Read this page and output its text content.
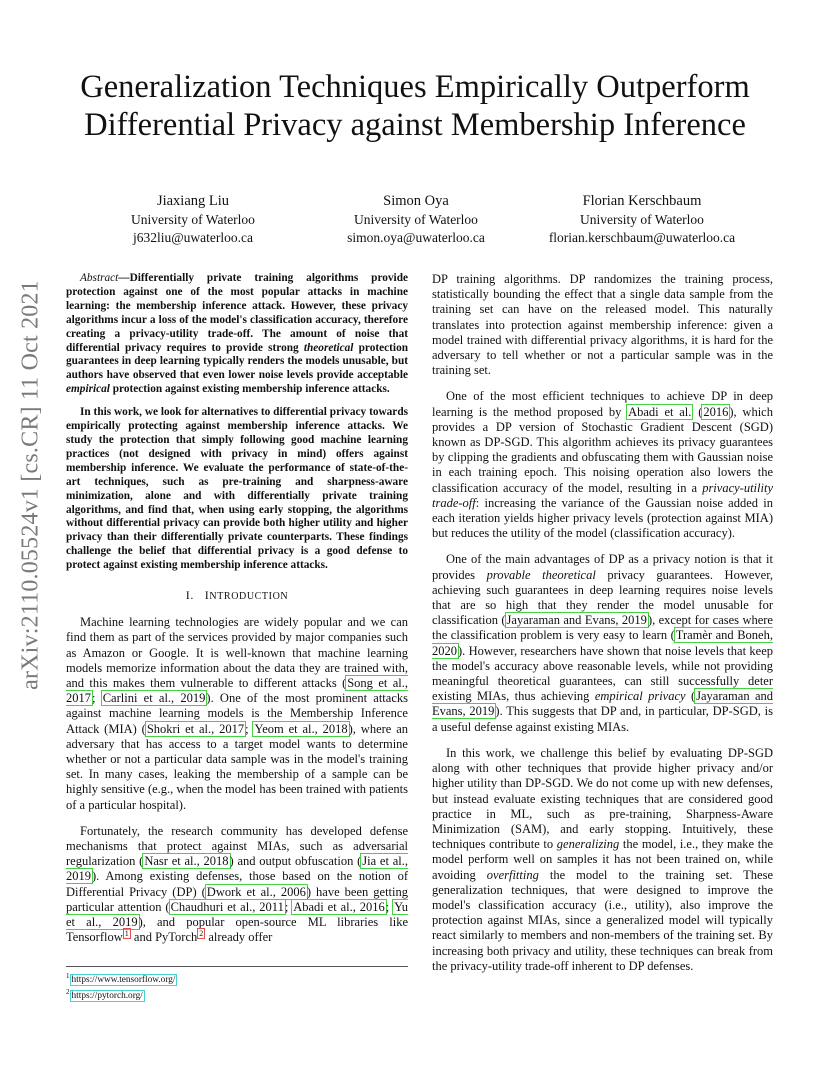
arXiv:2110.05524v1 [cs.CR] 11 Oct 2021
Generalization Techniques Empirically Outperform
Differential Privacy against Membership Inference
Jiaxiang Liu
University of Waterloo
j632liu@uwaterloo.ca
Simon Oya
University of Waterloo
simon.oya@uwaterloo.ca
Florian Kerschbaum
University of Waterloo
florian.kerschbaum@uwaterloo.ca

Abstract—Differentially private training algorithms provide protection against one of the most popular attacks in machine learning: the membership inference attack. However, these privacy algorithms incur a loss of the model's classification accuracy, therefore creating a privacy-utility trade-off. The amount of noise that differential privacy requires to provide strong theoretical protection guarantees in deep learning typically renders the models unusable, but authors have observed that even lower noise levels provide acceptable empirical protection against existing membership inference attacks.

In this work, we look for alternatives to differential privacy towards empirically protecting against membership inference attacks. We study the protection that simply following good machine learning practices (not designed with privacy in mind) offers against membership inference. We evaluate the performance of state-of-the-art techniques, such as pre-training and sharpness-aware minimization, alone and with differentially private training algorithms, and find that, when using early stopping, the algorithms without differential privacy can provide both higher utility and higher privacy than their differentially private counterparts. These findings challenge the belief that differential privacy is a good defense to protect against existing membership inference attacks.

I. INTRODUCTION

Machine learning technologies are widely popular and we can find them as part of the services provided by major companies such as Amazon or Google. It is well-known that machine learning models memorize information about the data they are trained with, and this makes them vulnerable to different attacks (Song et al., 2017; Carlini et al., 2019). One of the most prominent attacks against machine learning models is the Membership Inference Attack (MIA) (Shokri et al., 2017; Yeom et al., 2018), where an adversary that has access to a target model wants to determine whether or not a particular data sample was in the model's training set. In many cases, leaking the membership of a sample can be highly sensitive (e.g., when the model has been trained with patients of a particular hospital).

Fortunately, the research community has developed defense mechanisms that protect against MIAs, such as adversarial regularization (Nasr et al., 2018) and output obfuscation (Jia et al., 2019). Among existing defenses, those based on the notion of Differential Privacy (DP) (Dwork et al., 2006) have been getting particular attention (Chaudhuri et al., 2011; Abadi et al., 2016; Yu et al., 2019), and popular open-source ML libraries like Tensorflow $^1$ and PyTorch $^2$ already offer

$^1$ https://www.tensorflow.org/
$^2$ https://pytorch.org/

DP training algorithms. DP randomizes the training process, statistically bounding the effect that a single data sample from the training set can have on the released model. This naturally translates into protection against membership inference: given a model trained with differential privacy algorithms, it is hard for the adversary to tell whether or not a particular sample was in the training set.

One of the most efficient techniques to achieve DP in deep learning is the method proposed by Abadi et al. (2016), which provides a DP version of Stochastic Gradient Descent (SGD) known as DP-SGD. This algorithm achieves its privacy guarantees by clipping the gradients and obfuscating them with Gaussian noise in each training epoch. This noising operation also lowers the classification accuracy of the model, resulting in a privacy-utility trade-off: increasing the variance of the Gaussian noise added in each iteration yields higher privacy levels (protection against MIA) but reduces the utility of the model (classification accuracy).

One of the main advantages of DP as a privacy notion is that it provides provable theoretical privacy guarantees. However, achieving such guarantees in deep learning requires noise levels that are so high that they render the model unusable for classification (Jayaraman and Evans, 2019), except for cases where the classification problem is very easy to learn (Tramèr and Boneh, 2020). However, researchers have shown that noise levels that keep the model's accuracy above reasonable levels, while not providing meaningful theoretical guarantees, can still successfully deter existing MIAs, thus achieving empirical privacy (Jayaraman and Evans, 2019). This suggests that DP and, in particular, DP-SGD, is a useful defense against existing MIAs.

In this work, we challenge this belief by evaluating DP-SGD along with other techniques that provide higher privacy and/or higher utility than DP-SGD. We do not come up with new defenses, but instead evaluate existing techniques that are considered good practice in ML, such as pre-training, Sharpness-Aware Minimization (SAM), and early stopping. Intuitively, these techniques contribute to generalizing the model, i.e., they make the model perform well on samples it has not been trained on, while avoiding overfitting the model to the training set. These generalization techniques, that were designed to improve the model's classification accuracy (i.e., utility), also improve the protection against MIAs, since a generalized model will typically react similarly to members and non-members of the training set. By increasing both privacy and utility, these techniques can break from the privacy-utility trade-off inherent to DP defenses.
